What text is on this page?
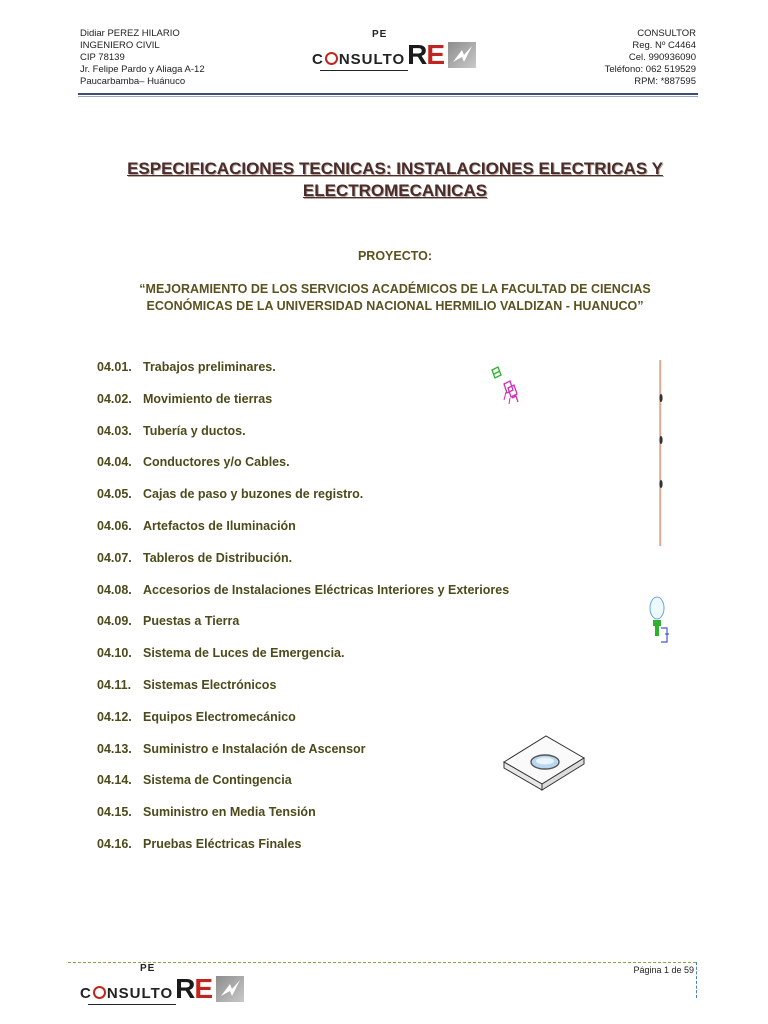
Didiar PEREZ HILARIO
INGENIERO CIVIL
CIP 78139
Jr. Felipe Pardo y Aliaga A-12
Paucarbamba– Huánuco
PE
C NSULTO RE
CONSULTOR
Reg. Nº C4464
Cel. 990936090
Teléfono: 062 519529
RPM: *887595
ESPECIFICACIONES TECNICAS: INSTALACIONES ELECTRICAS Y
ELECTROMECANICAS
PROYECTO:
“MEJORAMIENTO DE LOS SERVICIOS ACADÉMICOS DE LA FACULTAD DE CIENCIAS
ECONÓMICAS DE LA UNIVERSIDAD NACIONAL HERMILIO VALDIZAN - HUANUCO”
04.01. Trabajos preliminares.
04.02. Movimiento de tierras
04.03. Tubería y ductos.
04.04. Conductores y/o Cables.
04.05. Cajas de paso y buzones de registro.
04.06. Artefactos de Iluminación
04.07. Tableros de Distribución.
04.08. Accesorios de Instalaciones Eléctricas Interiores y Exteriores
04.09. Puestas a Tierra
04.10. Sistema de Luces de Emergencia.
04.11. Sistemas Electrónicos
04.12. Equipos Electromecánico
04.13. Suministro e Instalación de Ascensor
04.14. Sistema de Contingencia
04.15. Suministro en Media Tensión
04.16. Pruebas Eléctricas Finales
Página 1 de 59
PE
C NSULTO RE
